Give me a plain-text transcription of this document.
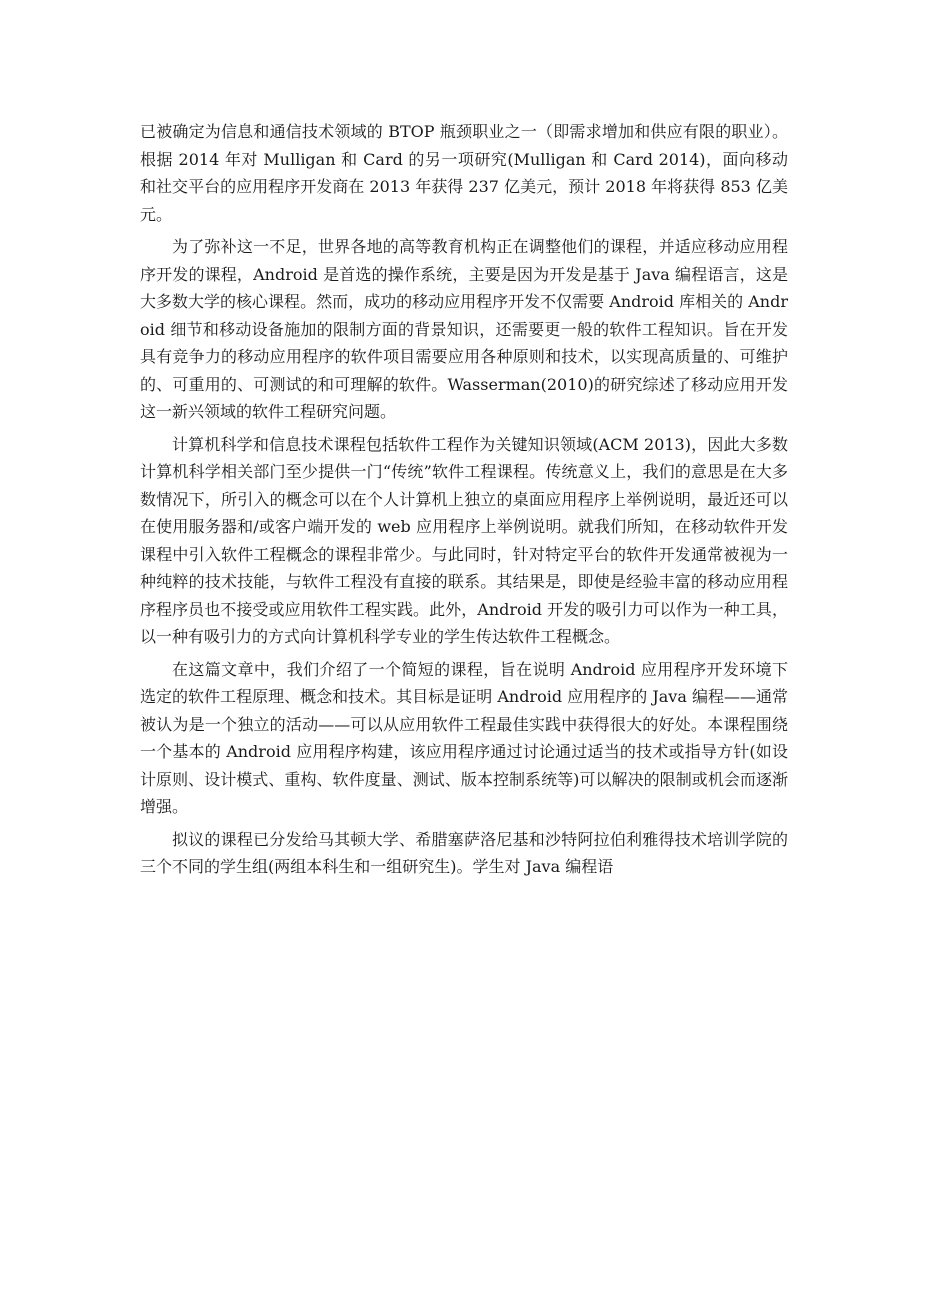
已被确定为信息和通信技术领域的 BTOP 瓶颈职业之一（即需求增加和供应有限的职业）。根据 2014 年对 Mulligan 和 Card 的另一项研究(Mulligan 和 Card 2014)，面向移动和社交平台的应用程序开发商在 2013 年获得 237 亿美元，预计 2018 年将获得 853 亿美元。

为了弥补这一不足，世界各地的高等教育机构正在调整他们的课程，并适应移动应用程序开发的课程，Android 是首选的操作系统，主要是因为开发是基于 Java 编程语言，这是大多数大学的核心课程。然而，成功的移动应用程序开发不仅需要 Android 库相关的 Android 细节和移动设备施加的限制方面的背景知识，还需要更一般的软件工程知识。旨在开发具有竞争力的移动应用程序的软件项目需要应用各种原则和技术，以实现高质量的、可维护的、可重用的、可测试的和可理解的软件。Wasserman(2010)的研究综述了移动应用开发这一新兴领域的软件工程研究问题。

计算机科学和信息技术课程包括软件工程作为关键知识领域(ACM 2013)，因此大多数计算机科学相关部门至少提供一门“传统”软件工程课程。传统意义上，我们的意思是在大多数情况下，所引入的概念可以在个人计算机上独立的桌面应用程序上举例说明，最近还可以在使用服务器和/或客户端开发的 web 应用程序上举例说明。就我们所知，在移动软件开发课程中引入软件工程概念的课程非常少。与此同时，针对特定平台的软件开发通常被视为一种纯粹的技术技能，与软件工程没有直接的联系。其结果是，即使是经验丰富的移动应用程序程序员也不接受或应用软件工程实践。此外，Android 开发的吸引力可以作为一种工具，以一种有吸引力的方式向计算机科学专业的学生传达软件工程概念。

在这篇文章中，我们介绍了一个简短的课程，旨在说明 Android 应用程序开发环境下选定的软件工程原理、概念和技术。其目标是证明 Android 应用程序的 Java 编程——通常被认为是一个独立的活动——可以从应用软件工程最佳实践中获得很大的好处。本课程围绕一个基本的 Android 应用程序构建，该应用程序通过讨论通过适当的技术或指导方针(如设计原则、设计模式、重构、软件度量、测试、版本控制系统等)可以解决的限制或机会而逐渐增强。

拟议的课程已分发给马其顿大学、希腊塞萨洛尼基和沙特阿拉伯利雅得技术培训学院的三个不同的学生组(两组本科生和一组研究生)。学生对 Java 编程语
